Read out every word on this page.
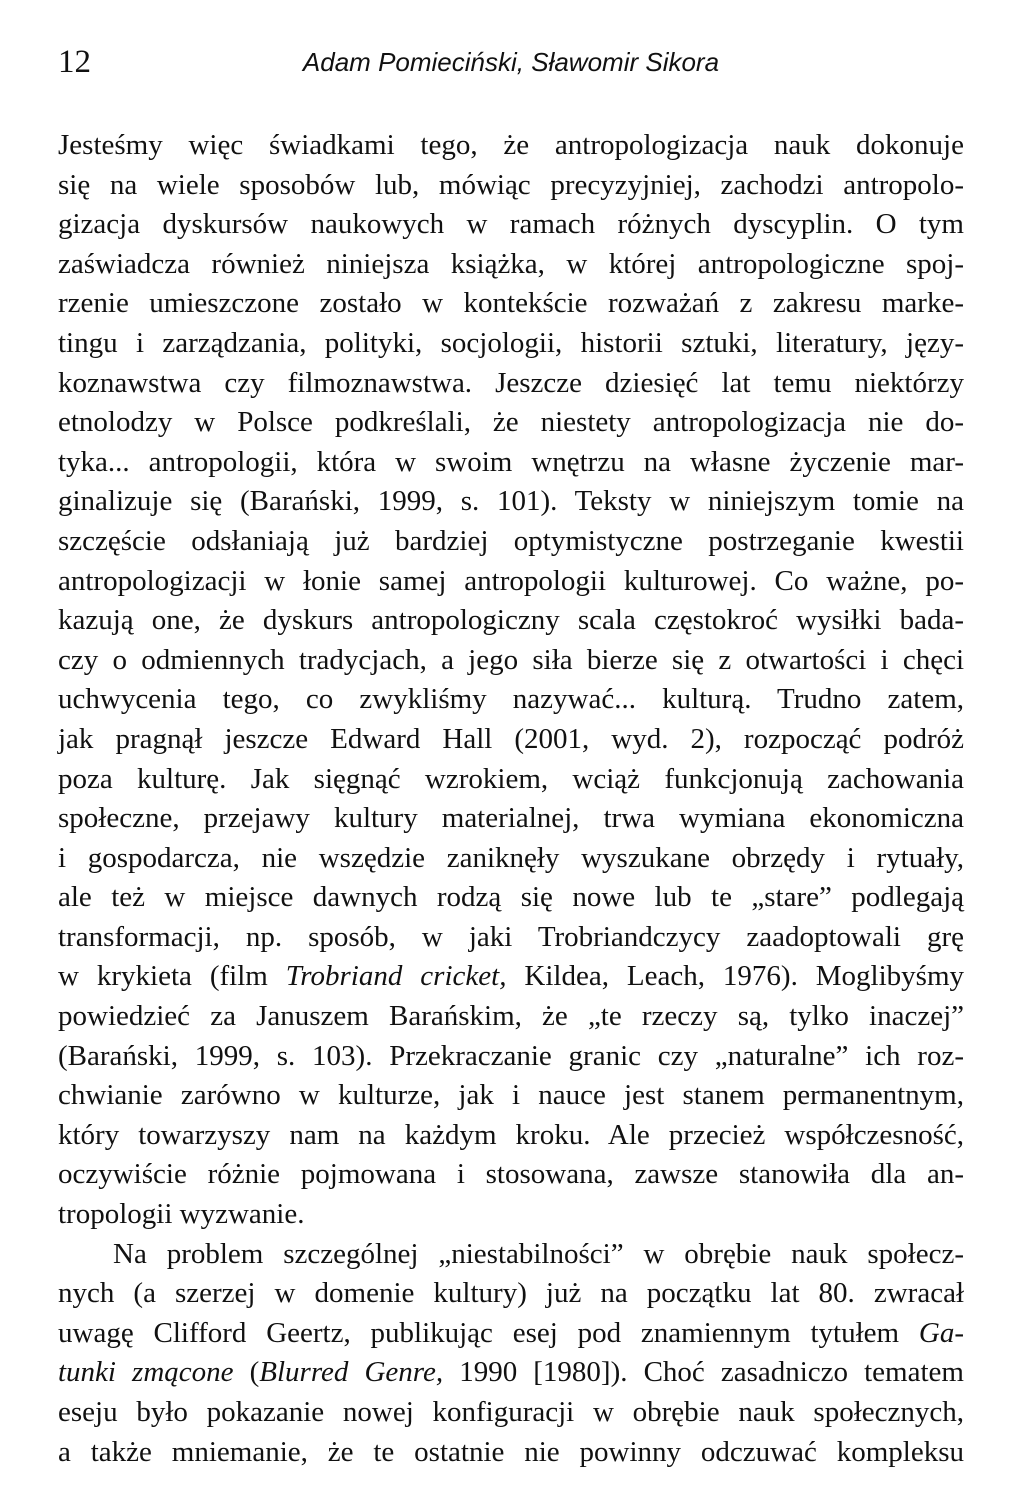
12	Adam Pomieciński, Sławomir Sikora
Jesteśmy więc świadkami tego, że antropologizacja nauk dokonuje
się na wiele sposobów lub, mówiąc precyzyjniej, zachodzi antropolo-
gizacja dyskursów naukowych w ramach różnych dyscyplin. O tym
zaświadcza również niniejsza książka, w której antropologiczne spoj-
rzenie umieszczone zostało w kontekście rozważań z zakresu marke-
tingu i zarządzania, polityki, socjologii, historii sztuki, literatury, języ-
koznawstwa czy filmoznawstwa. Jeszcze dziesięć lat temu niektórzy
etnolodzy w Polsce podkreślali, że niestety antropologizacja nie do-
tyka... antropologii, która w swoim wnętrzu na własne życzenie mar-
ginalizuje się (Barański, 1999, s. 101). Teksty w niniejszym tomie na
szczęście odsłaniają już bardziej optymistyczne postrzeganie kwestii
antropologizacji w łonie samej antropologii kulturowej. Co ważne, po-
kazują one, że dyskurs antropologiczny scala częstokroć wysiłki bada-
czy o odmiennych tradycjach, a jego siła bierze się z otwartości i chęci
uchwycenia tego, co zwykliśmy nazywać... kulturą. Trudno zatem,
jak pragnął jeszcze Edward Hall (2001, wyd. 2), rozpocząć podróż
poza kulturę. Jak sięgnąć wzrokiem, wciąż funkcjonują zachowania
społeczne, przejawy kultury materialnej, trwa wymiana ekonomiczna
i gospodarcza, nie wszędzie zaniknęły wyszukane obrzędy i rytuały,
ale też w miejsce dawnych rodzą się nowe lub te „stare” podlegają
transformacji, np. sposób, w jaki Trobriandczycy zaadoptowali grę
w krykieta (film Trobriand cricket, Kildea, Leach, 1976). Moglibyśmy
powiedzieć za Januszem Barańskim, że „te rzeczy są, tylko inaczej”
(Barański, 1999, s. 103). Przekraczanie granic czy „naturalne” ich roz-
chwianie zarówno w kulturze, jak i nauce jest stanem permanentnym,
który towarzyszy nam na każdym kroku. Ale przecież współczesność,
oczywiście różnie pojmowana i stosowana, zawsze stanowiła dla an-
tropologii wyzwanie.
Na problem szczególnej „niestabilności” w obrębie nauk społecz-
nych (a szerzej w domenie kultury) już na początku lat 80. zwracał
uwagę Clifford Geertz, publikując esej pod znamiennym tytułem Ga-
tunki zmącone (Blurred Genre, 1990 [1980]). Choć zasadniczo tematem
eseju było pokazanie nowej konfiguracji w obrębie nauk społecznych,
a także mniemanie, że te ostatnie nie powinny odczuwać kompleksu
